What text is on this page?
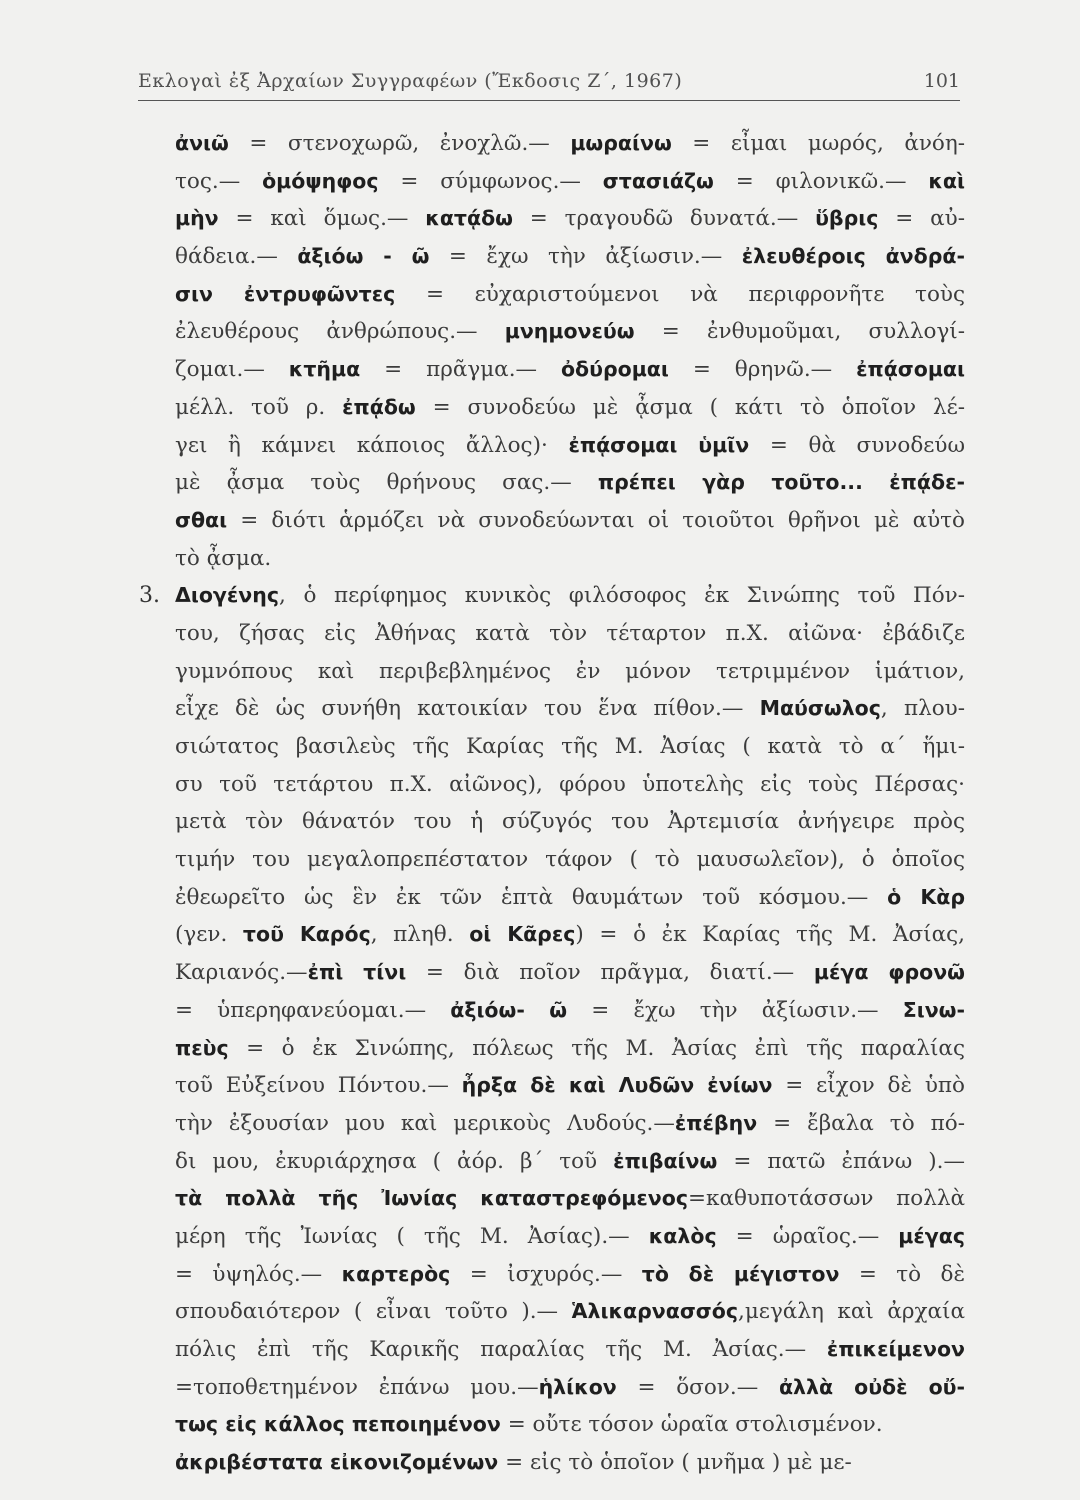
Εκλογαὶ ἐξ Ἀρχαίων Συγγραφέων (Ἔκδοσις Ζ΄, 1967)	101
ἀνιῶ = στενοχωρῶ, ἐνοχλῶ.— μωραίνω = εἶμαι μωρός, ἀνόη-
τος.— ὁμόψηφος = σύμφωνος.— στασιάζω = φιλονικῶ.— καὶ
μὴν = καὶ ὅμως.— κατᾴδω = τραγουδῶ δυνατά.— ὕβρις = αὐ-
θάδεια.— ἀξιόω - ῶ = ἔχω τὴν ἀξίωσιν.— ἐλευθέροις ἀνδρά-
σιν ἐντρυφῶντες = εὐχαριστούμενοι νὰ περιφρονῆτε τοὺς
ἐλευθέρους ἀνθρώπους.— μνημονεύω = ἐνθυμοῦμαι, συλλογί-
ζομαι.— κτῆμα = πρᾶγμα.— ὀδύρομαι = θρηνῶ.— ἐπᾴσομαι
μέλλ. τοῦ ρ. ἐπᾴδω = συνοδεύω μὲ ᾆσμα ( κάτι τὸ ὁποῖον λέ-
γει ἢ κάμνει κάποιος ἄλλος)· ἐπᾴσομαι ὑμῖν = θὰ συνοδεύω
μὲ ᾆσμα τοὺς θρήνους σας.— πρέπει γὰρ τοῦτο... ἐπᾴδε-
σθαι = διότι ἁρμόζει νὰ συνοδεύωνται οἱ τοιοῦτοι θρῆνοι μὲ αὐτὸ
τὸ ᾆσμα.
3. Διογένης, ὁ περίφημος κυνικὸς φιλόσοφος ἐκ Σινώπης τοῦ Πόν-
του, ζήσας εἰς Ἀθήνας κατὰ τὸν τέταρτον π.Χ. αἰῶνα· ἐβάδιζε
γυμνόπους καὶ περιβεβλημένος ἐν μόνον τετριμμένον ἱμάτιον,
εἶχε δὲ ὡς συνήθη κατοικίαν του ἕνα πίθον.— Μαύσωλος, πλου-
σιώτατος βασιλεὺς τῆς Καρίας τῆς Μ. Ἀσίας ( κατὰ τὸ α΄ ἥμι-
συ τοῦ τετάρτου π.Χ. αἰῶνος), φόρου ὑποτελὴς εἰς τοὺς Πέρσας·
μετὰ τὸν θάνατόν του ἡ σύζυγός του Ἀρτεμισία ἀνήγειρε πρὸς
τιμήν του μεγαλοπρεπέστατον τάφον ( τὸ μαυσωλεῖον), ὁ ὁποῖος
ἐθεωρεῖτο ὡς ἓν ἐκ τῶν ἑπτὰ θαυμάτων τοῦ κόσμου.— ὁ Κὰρ
(γεν. τοῦ Καρός, πληθ. οἱ Κᾶρες) = ὁ ἐκ Καρίας τῆς Μ. Ἀσίας,
Καριανός.—ἐπὶ τίνι = διὰ ποῖον πρᾶγμα, διατί.— μέγα φρονῶ
= ὑπερηφανεύομαι.— ἀξιόω- ῶ = ἔχω τὴν ἀξίωσιν.— Σινω-
πεὺς = ὁ ἐκ Σινώπης, πόλεως τῆς Μ. Ἀσίας ἐπὶ τῆς παραλίας
τοῦ Εὐξείνου Πόντου.— ἦρξα δὲ καὶ Λυδῶν ἐνίων = εἶχον δὲ ὑπὸ
τὴν ἐξουσίαν μου καὶ μερικοὺς Λυδούς.—ἐπέβην = ἔβαλα τὸ πό-
δι μου, ἐκυριάρχησα ( ἀόρ. β΄ τοῦ ἐπιβαίνω = πατῶ ἐπάνω ).—
τὰ πολλὰ τῆς Ἰωνίας καταστρεφόμενος=καθυποτάσσων πολλὰ
μέρη τῆς Ἰωνίας ( τῆς Μ. Ἀσίας).— καλὸς = ὡραῖος.— μέγας
= ὑψηλός.— καρτερὸς = ἰσχυρός.— τὸ δὲ μέγιστον = τὸ δὲ
σπουδαιότερον ( εἶναι τοῦτο ).— Ἁλικαρνασσός,μεγάλη καὶ ἀρχαία
πόλις ἐπὶ τῆς Καρικῆς παραλίας τῆς Μ. Ἀσίας.— ἐπικείμενον
=τοποθετημένον ἐπάνω μου.—ἡλίκον = ὅσον.— ἀλλὰ οὐδὲ οὔ-
τως εἰς κάλλος πεποιημένον = οὔτε τόσον ὡραῖα στολισμένον.
ἀκριβέστατα εἰκονιζομένων = εἰς τὸ ὁποῖον ( μνῆμα ) μὲ με-
